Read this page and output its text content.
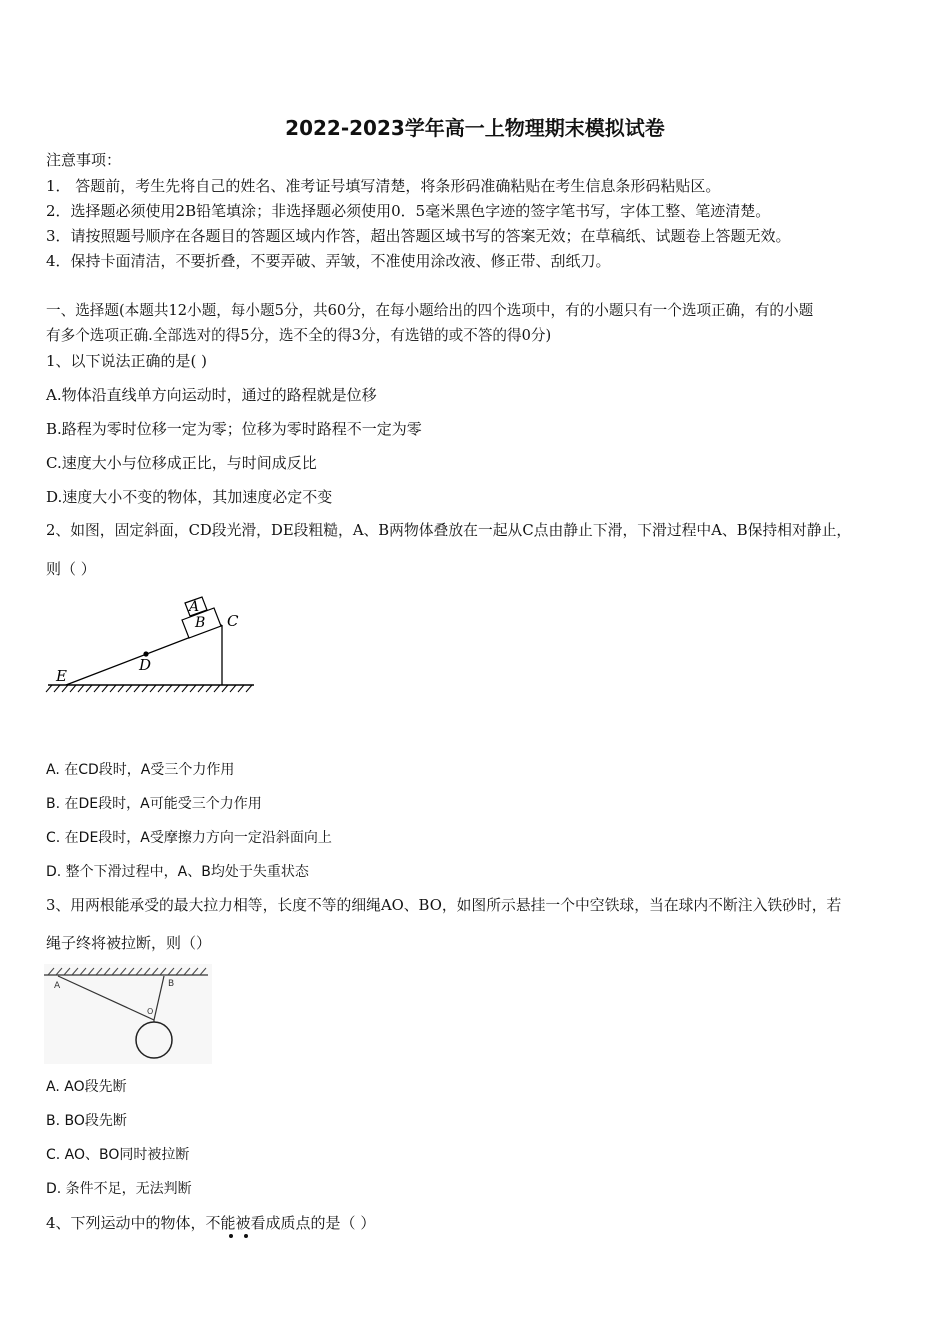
2022-2023学年高一上物理期末模拟试卷
注意事项：
1． 答题前，考生先将自己的姓名、准考证号填写清楚，将条形码准确粘贴在考生信息条形码粘贴区。
2．选择题必须使用2B铅笔填涂；非选择题必须使用0．5毫米黑色字迹的签字笔书写，字体工整、笔迹清楚。
3．请按照题号顺序在各题目的答题区域内作答，超出答题区域书写的答案无效；在草稿纸、试题卷上答题无效。
4．保持卡面清洁，不要折叠，不要弄破、弄皱，不准使用涂改液、修正带、刮纸刀。
一、选择题(本题共12小题，每小题5分，共60分，在每小题给出的四个选项中，有的小题只有一个选项正确，有的小题
有多个选项正确.全部选对的得5分，选不全的得3分，有选错的或不答的得0分)
1、以下说法正确的是( )
A.物体沿直线单方向运动时，通过的路程就是位移
B.路程为零时位移一定为零；位移为零时路程不一定为零
C.速度大小与位移成正比，与时间成反比
D.速度大小不变的物体，其加速度必定不变
2、如图，固定斜面，CD段光滑，DE段粗糙，A、B两物体叠放在一起从C点由静止下滑，下滑过程中A、B保持相对静止，
则（ ）
A
B C
D
E
A. 在CD段时，A受三个力作用
B. 在DE段时，A可能受三个力作用
C. 在DE段时，A受摩擦力方向一定沿斜面向上
D. 整个下滑过程中，A、B均处于失重状态
3、用两根能承受的最大拉力相等，长度不等的细绳AO、BO，如图所示悬挂一个中空铁球，当在球内不断注入铁砂时，若
绳子终将被拉断，则（）
A	B
O
A. AO段先断
B. BO段先断
C. AO、BO同时被拉断
D. 条件不足，无法判断
4、下列运动中的物体，不能被看成质点的是（ ）
